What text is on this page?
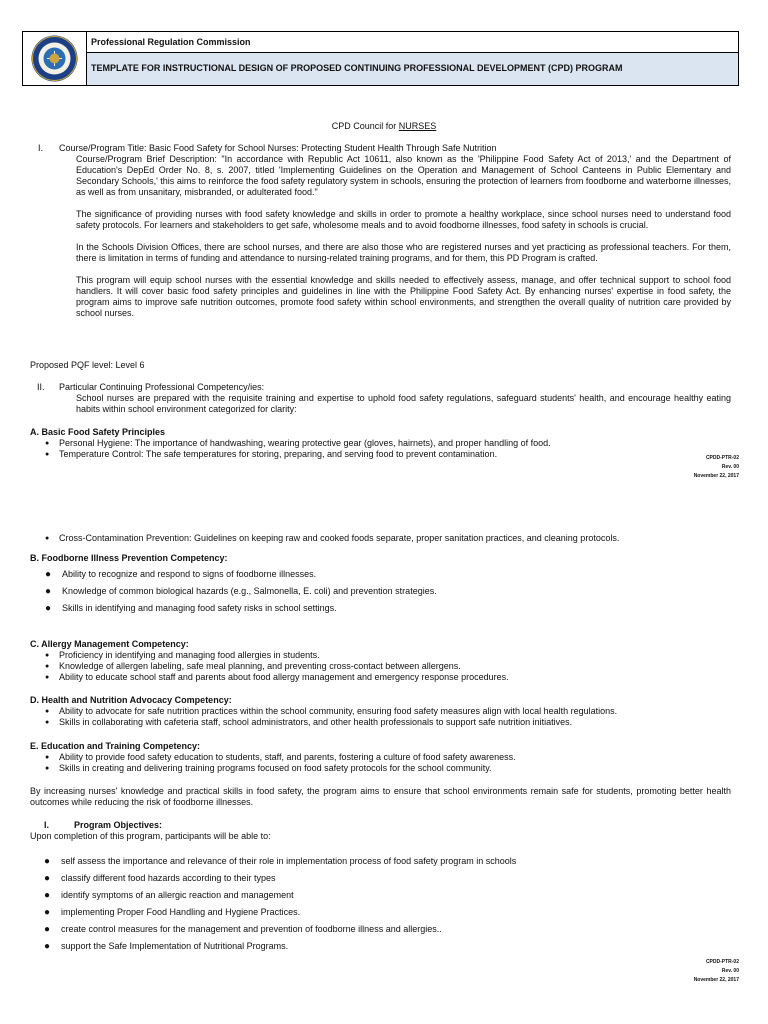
Professional Regulation Commission
TEMPLATE FOR INSTRUCTIONAL DESIGN OF PROPOSED CONTINUING PROFESSIONAL DEVELOPMENT (CPD) PROGRAM
CPD Council for NURSES
I. Course/Program Title: Basic Food Safety for School Nurses: Protecting Student Health Through Safe Nutrition

Course/Program Brief Description: "In accordance with Republic Act 10611, also known as the 'Philippine Food Safety Act of 2013,' and the Department of Education's DepEd Order No. 8, s. 2007, titled 'Implementing Guidelines on the Operation and Management of School Canteens in Public Elementary and Secondary Schools,' this aims to reinforce the food safety regulatory system in schools, ensuring the protection of learners from foodborne and waterborne illnesses, as well as from unsanitary, misbranded, or adulterated food."

The significance of providing nurses with food safety knowledge and skills in order to promote a healthy workplace, since school nurses need to understand food safety protocols. For learners and stakeholders to get safe, wholesome meals and to avoid foodborne illnesses, food safety in schools is crucial.

In the Schools Division Offices, there are school nurses, and there are also those who are registered nurses and yet practicing as professional teachers. For them, there is limitation in terms of funding and attendance to nursing-related training programs, and for them, this PD Program is crafted.

This program will equip school nurses with the essential knowledge and skills needed to effectively assess, manage, and offer technical support to school food handlers. It will cover basic food safety principles and guidelines in line with the Philippine Food Safety Act. By enhancing nurses' expertise in food safety, the program aims to improve safe nutrition outcomes, promote food safety within school environments, and strengthen the overall quality of nutrition care provided by school nurses.

Proposed PQF level: Level 6
II. Particular Continuing Professional Competency/ies:
School nurses are prepared with the requisite training and expertise to uphold food safety regulations, safeguard students' health, and encourage healthy eating habits within school environment categorized for clarity:
A. Basic Food Safety Principles
● Personal Hygiene: The importance of handwashing, wearing protective gear (gloves, hairnets), and proper handling of food.
● Temperature Control: The safe temperatures for storing, preparing, and serving food to prevent contamination.	CPDD-PTR-02
Rev. 00
November 22, 2017
● Cross-Contamination Prevention: Guidelines on keeping raw and cooked foods separate, proper sanitation practices, and cleaning protocols.
B. Foodborne Illness Prevention Competency:
● Ability to recognize and respond to signs of foodborne illnesses.
● Knowledge of common biological hazards (e.g., Salmonella, E. coli) and prevention strategies.
● Skills in identifying and managing food safety risks in school settings.
C. Allergy Management Competency:
● Proficiency in identifying and managing food allergies in students.
● Knowledge of allergen labeling, safe meal planning, and preventing cross-contact between allergens.
● Ability to educate school staff and parents about food allergy management and emergency response procedures.
D. Health and Nutrition Advocacy Competency:
● Ability to advocate for safe nutrition practices within the school community, ensuring food safety measures align with local health regulations.
● Skills in collaborating with cafeteria staff, school administrators, and other health professionals to support safe nutrition initiatives.
E. Education and Training Competency:
● Ability to provide food safety education to students, staff, and parents, fostering a culture of food safety awareness.
● Skills in creating and delivering training programs focused on food safety protocols for the school community.
By increasing nurses' knowledge and practical skills in food safety, the program aims to ensure that school environments remain safe for students, promoting better health outcomes while reducing the risk of foodborne illnesses.
I.	Program Objectives:
Upon completion of this program, participants will be able to:
● self assess the importance and relevance of their role in implementation process of food safety program in schools
● classify different food hazards according to their types
● identify symptoms of an allergic reaction and management
● implementing Proper Food Handling and Hygiene Practices.
● create control measures for the management and prevention of foodborne illness and allergies..
● support the Safe Implementation of Nutritional Programs.
CPDD-PTR-02
Rev. 00
November 22, 2017
